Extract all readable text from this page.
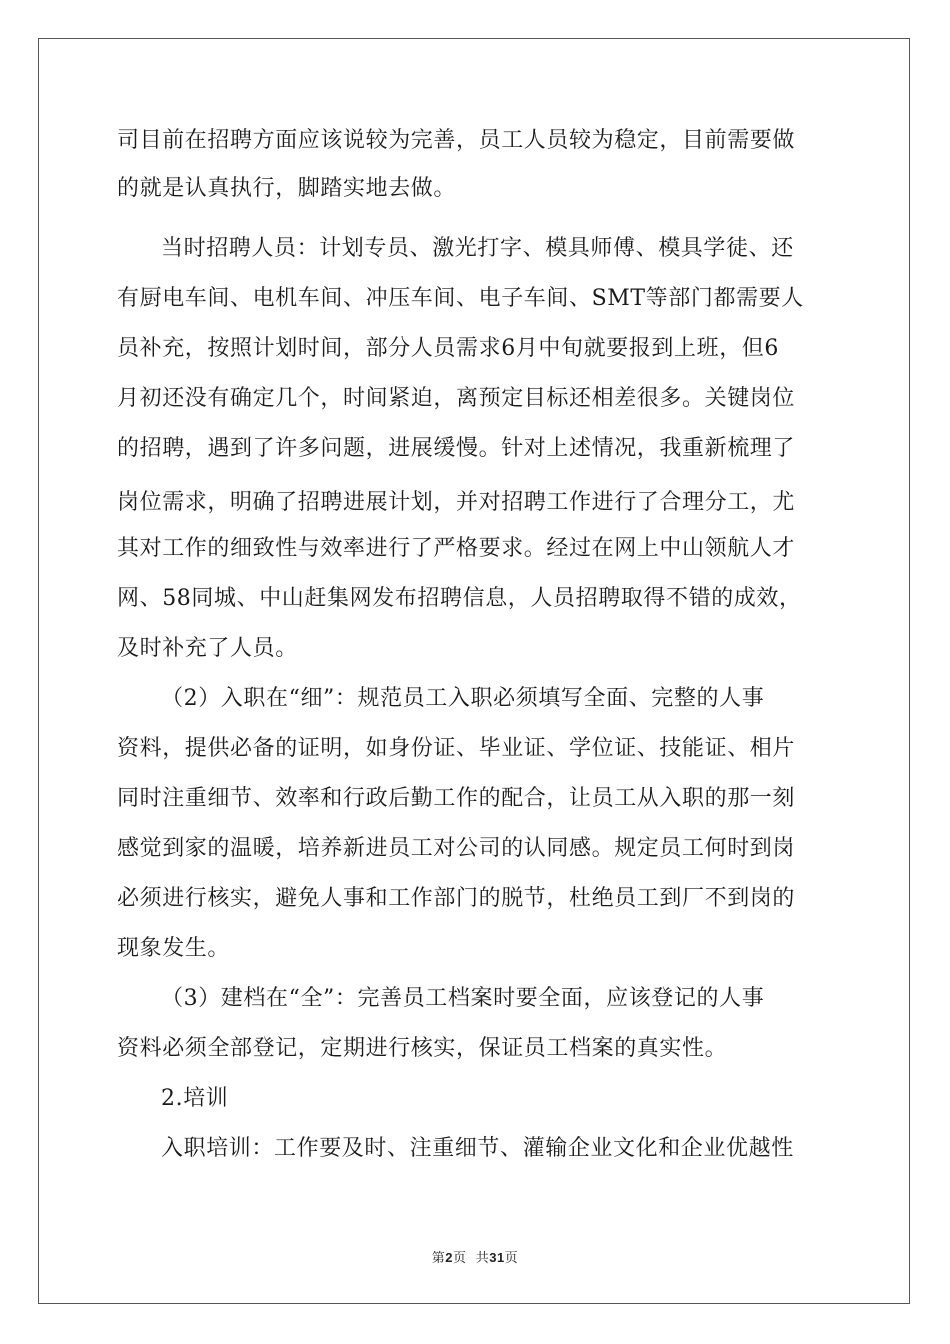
司目前在招聘方面应该说较为完善，员工人员较为稳定，目前需要做
的就是认真执行，脚踏实地去做。
当时招聘人员：计划专员、激光打字、模具师傅、模具学徒、还
有厨电车间、电机车间、冲压车间、电子车间、SMT等部门都需要人
员补充，按照计划时间，部分人员需求6月中旬就要报到上班，但6
月初还没有确定几个，时间紧迫，离预定目标还相差很多。关键岗位
的招聘，遇到了许多问题，进展缓慢。针对上述情况，我重新梳理了
岗位需求，明确了招聘进展计划，并对招聘工作进行了合理分工，尤
其对工作的细致性与效率进行了严格要求。经过在网上中山领航人才
网、58同城、中山赶集网发布招聘信息，人员招聘取得不错的成效，
及时补充了人员。
（2）入职在“细”：规范员工入职必须填写全面、完整的人事
资料，提供必备的证明，如身份证、毕业证、学位证、技能证、相片
同时注重细节、效率和行政后勤工作的配合，让员工从入职的那一刻
感觉到家的温暖，培养新进员工对公司的认同感。规定员工何时到岗
必须进行核实，避免人事和工作部门的脱节，杜绝员工到厂不到岗的
现象发生。
（3）建档在“全”：完善员工档案时要全面，应该登记的人事
资料必须全部登记，定期进行核实，保证员工档案的真实性。
2.培训
入职培训：工作要及时、注重细节、灌输企业文化和企业优越性
第2页  共31页
